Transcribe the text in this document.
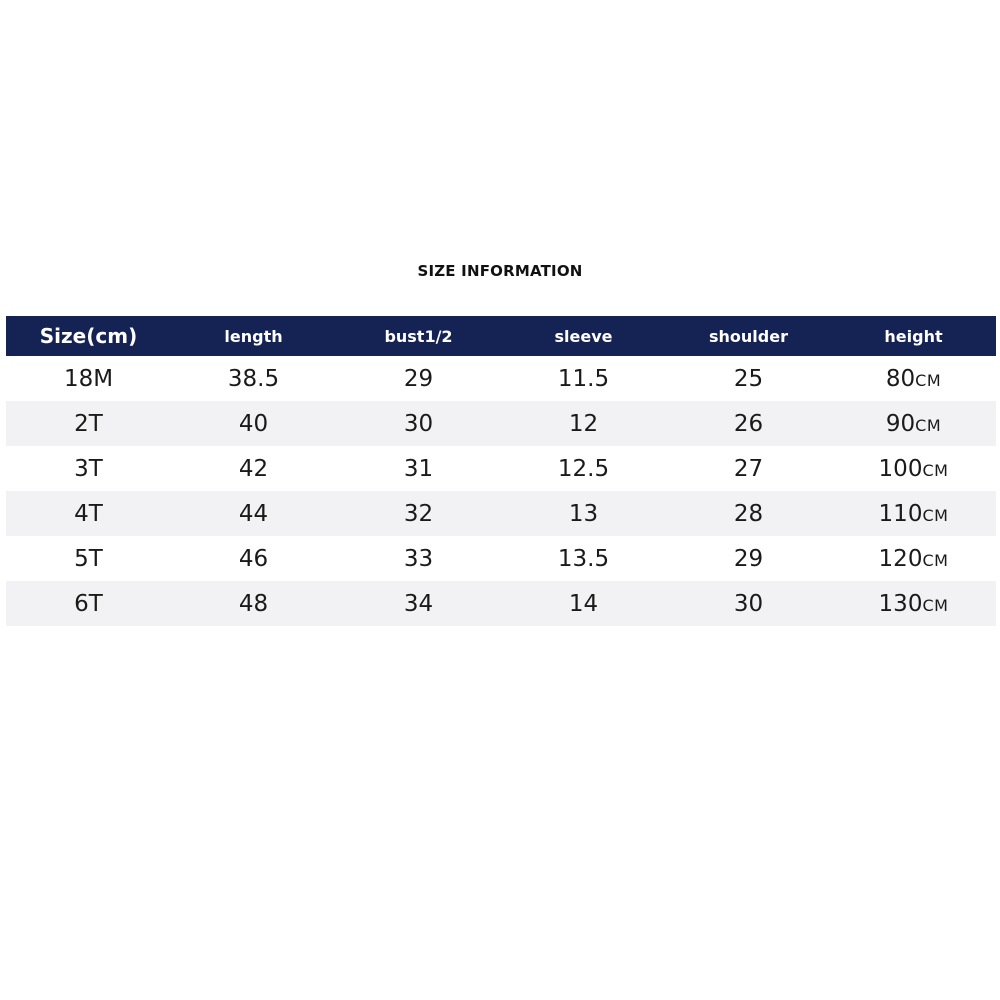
SIZE INFORMATION
Size(cm)	length	bust1/2	sleeve	shoulder	height
18M	38.5	29	11.5	25	80CM
2T	40	30	12	26	90CM
3T	42	31	12.5	27	100CM
4T	44	32	13	28	110CM
5T	46	33	13.5	29	120CM
6T	48	34	14	30	130CM
